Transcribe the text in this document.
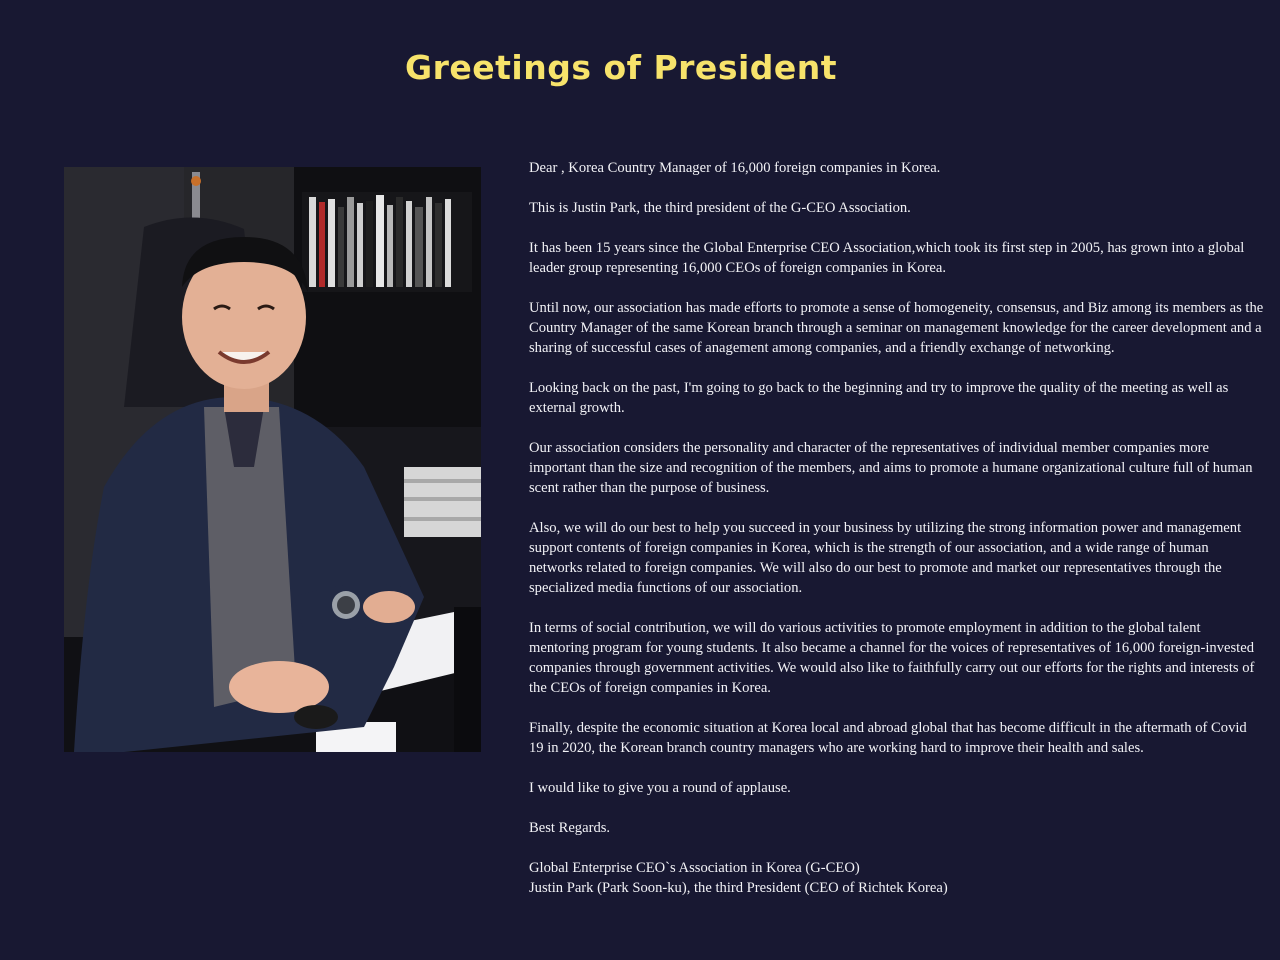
Greetings of President

Dear , Korea Country Manager of 16,000 foreign companies in Korea.

This is Justin Park, the third president of the G-CEO Association.

It has been 15 years since the Global Enterprise CEO Association,which took its first step in 2005, has grown into a global leader group representing 16,000 CEOs of foreign companies in Korea.

Until now, our association has made efforts to promote a sense of homogeneity, consensus, and Biz among its members as the Country Manager of the same Korean branch through a seminar on management knowledge for the career development and a sharing of successful cases of anagement among companies, and a friendly exchange of networking.

Looking back on the past, I'm going to go back to the beginning and try to improve the quality of the meeting as well as external growth.

Our association considers the personality and character of the representatives of individual member companies more important than the size and recognition of the members, and aims to promote a humane organizational culture full of human scent rather than the purpose of business.

Also, we will do our best to help you succeed in your business by utilizing the strong information power and management support contents of foreign companies in Korea, which is the strength of our association, and a wide range of human networks related to foreign companies. We will also do our best to promote and market our representatives through the specialized media functions of our association.

In terms of social contribution, we will do various activities to promote employment in addition to the global talent mentoring program for young students. It also became a channel for the voices of representatives of 16,000 foreign-invested companies through government activities. We would also like to faithfully carry out our efforts for the rights and interests of the CEOs of foreign companies in Korea.

Finally, despite the economic situation at Korea local and abroad global that has become difficult in the aftermath of Covid 19 in 2020, the Korean branch country managers who are working hard to improve their health and sales.

I would like to give you a round of applause.

Best Regards.

Global Enterprise CEO`s Association in Korea (G-CEO)
Justin Park (Park Soon-ku), the third President (CEO of Richtek Korea)
